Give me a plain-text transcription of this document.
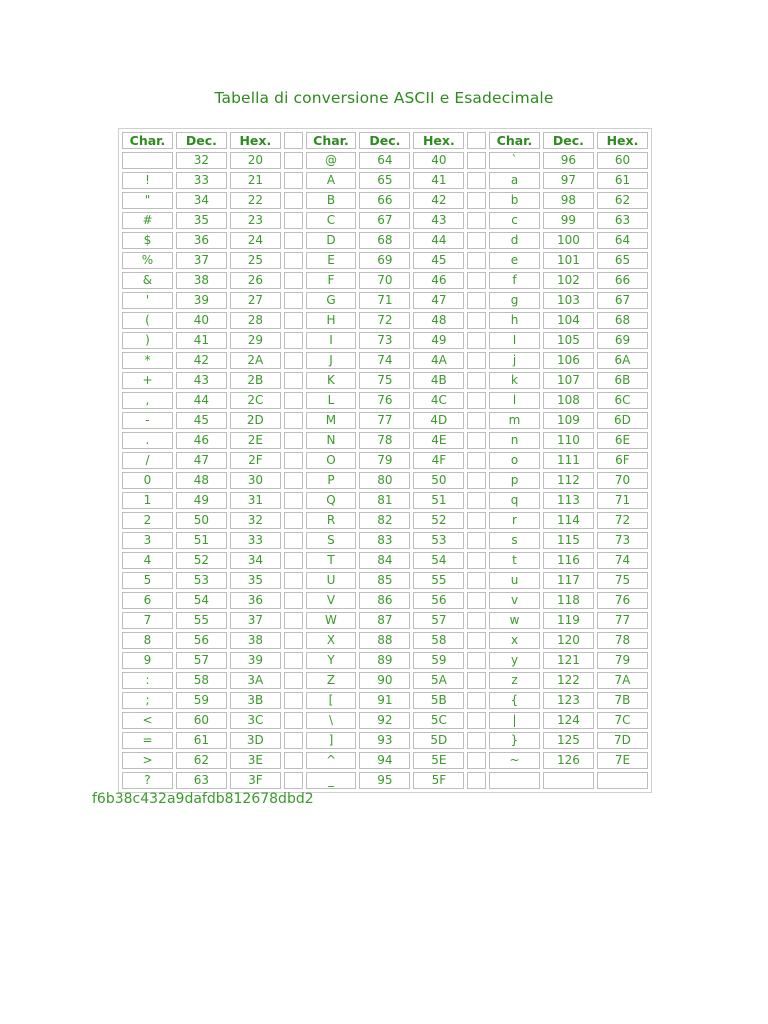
Tabella di conversione ASCII e Esadecimale
Char.	Dec.	Hex.		Char.	Dec.	Hex.		Char.	Dec.	Hex.
	32	20		@	64	40		`	96	60
!	33	21		A	65	41		a	97	61
"	34	22		B	66	42		b	98	62
#	35	23		C	67	43		c	99	63
$	36	24		D	68	44		d	100	64
%	37	25		E	69	45		e	101	65
&	38	26		F	70	46		f	102	66
'	39	27		G	71	47		g	103	67
(	40	28		H	72	48		h	104	68
)	41	29		I	73	49		I	105	69
*	42	2A		J	74	4A		j	106	6A
+	43	2B		K	75	4B		k	107	6B
,	44	2C		L	76	4C		l	108	6C
-	45	2D		M	77	4D		m	109	6D
.	46	2E		N	78	4E		n	110	6E
/	47	2F		O	79	4F		o	111	6F
0	48	30		P	80	50		p	112	70
1	49	31		Q	81	51		q	113	71
2	50	32		R	82	52		r	114	72
3	51	33		S	83	53		s	115	73
4	52	34		T	84	54		t	116	74
5	53	35		U	85	55		u	117	75
6	54	36		V	86	56		v	118	76
7	55	37		W	87	57		w	119	77
8	56	38		X	88	58		x	120	78
9	57	39		Y	89	59		y	121	79
:	58	3A		Z	90	5A		z	122	7A
;	59	3B		[	91	5B		{	123	7B
<	60	3C		\	92	5C		|	124	7C
=	61	3D		]	93	5D		}	125	7D
>	62	3E		^	94	5E		~	126	7E
?	63	3F		_	95	5F				
f6b38c432a9dafdb812678dbd2
